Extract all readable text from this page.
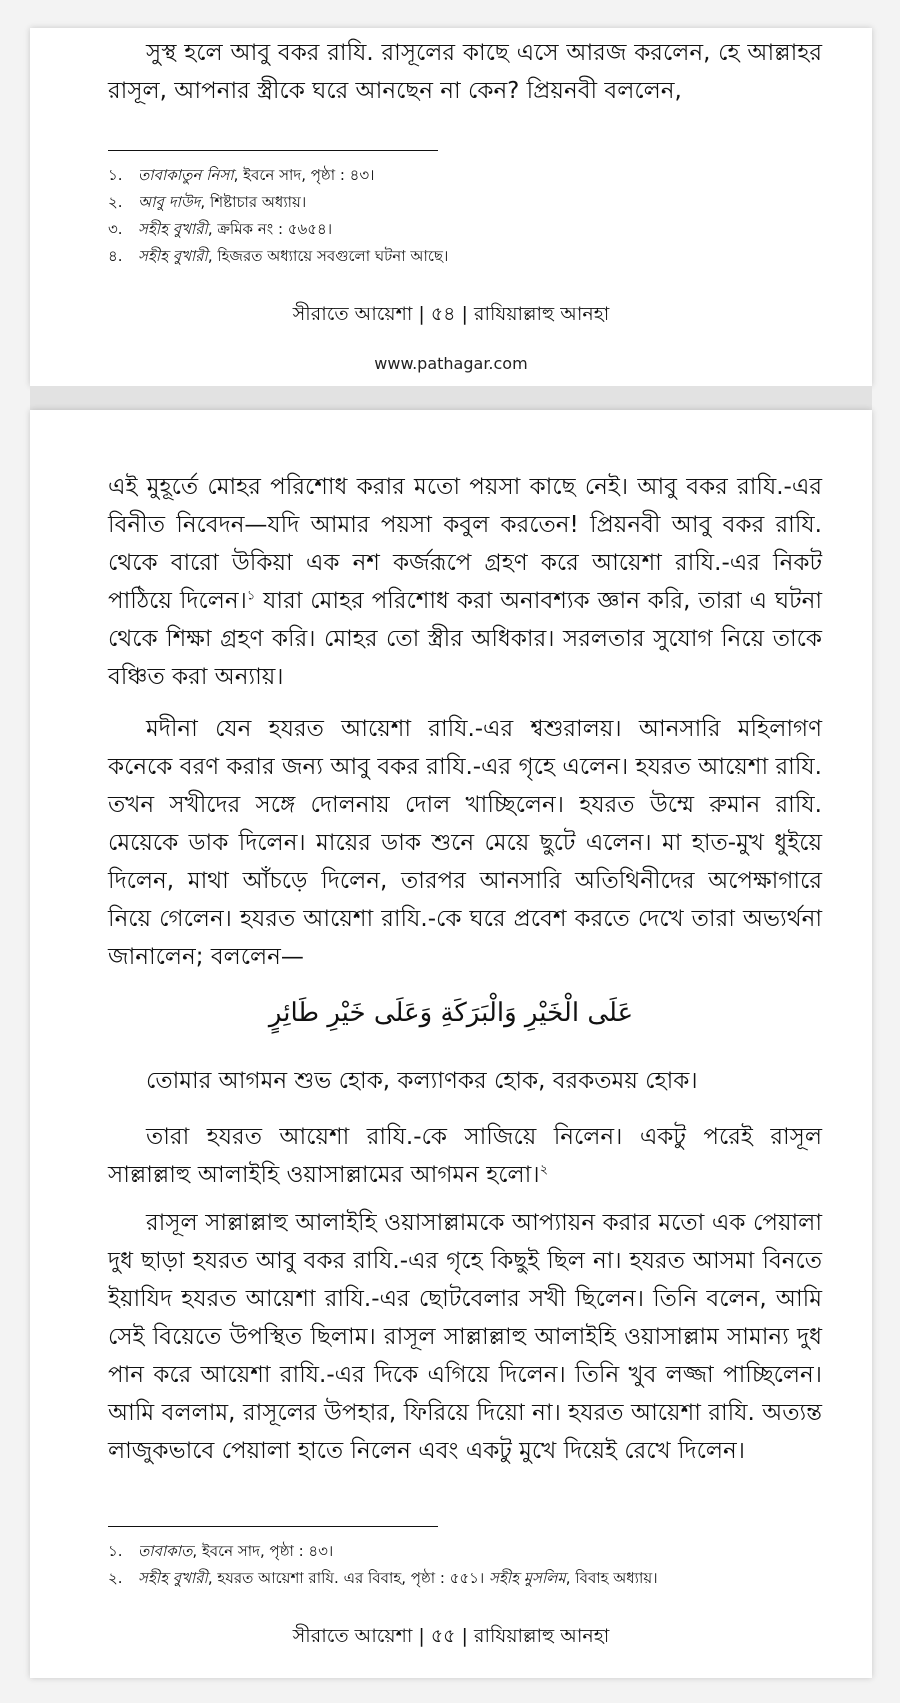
সুস্থ হলে আবু বকর রাযি. রাসূলের কাছে এসে আরজ করলেন, হে আল্লাহর রাসূল, আপনার স্ত্রীকে ঘরে আনছেন না কেন? প্রিয়নবী বললেন,

১. তাবাকাতুন নিসা, ইবনে সাদ, পৃষ্ঠা : ৪৩।

২. আবু দাউদ, শিষ্টাচার অধ্যায়।

৩. সহীহ বুখারী, ক্রমিক নং : ৫৬৫৪।

৪. সহীহ বুখারী, হিজরত অধ্যায়ে সবগুলো ঘটনা আছে।

সীরাতে আয়েশা | ৫৪ | রাযিয়াল্লাহু আনহা
www.pathagar.com

এই মুহূর্তে মোহর পরিশোধ করার মতো পয়সা কাছে নেই। আবু বকর রাযি.-এর বিনীত নিবেদন—যদি আমার পয়সা কবুল করতেন! প্রিয়নবী আবু বকর রাযি. থেকে বারো উকিয়া এক নশ কর্জরূপে গ্রহণ করে আয়েশা রাযি.-এর নিকট পাঠিয়ে দিলেন।$^১$ যারা মোহর পরিশোধ করা অনাবশ্যক জ্ঞান করি, তারা এ ঘটনা থেকে শিক্ষা গ্রহণ করি। মোহর তো স্ত্রীর অধিকার। সরলতার সুযোগ নিয়ে তাকে বঞ্চিত করা অন্যায়।

মদীনা যেন হযরত আয়েশা রাযি.-এর শ্বশুরালয়। আনসারি মহিলাগণ কনেকে বরণ করার জন্য আবু বকর রাযি.-এর গৃহে এলেন। হযরত আয়েশা রাযি. তখন সখীদের সঙ্গে দোলনায় দোল খাচ্ছিলেন। হযরত উম্মে রুমান রাযি. মেয়েকে ডাক দিলেন। মায়ের ডাক শুনে মেয়ে ছুটে এলেন। মা হাত-মুখ ধুইয়ে দিলেন, মাথা আঁচড়ে দিলেন, তারপর আনসারি অতিথিনীদের অপেক্ষাগারে নিয়ে গেলেন। হযরত আয়েশা রাযি.-কে ঘরে প্রবেশ করতে দেখে তারা অভ্যর্থনা জানালেন; বললেন—

عَلَى الْخَيْرِ وَالْبَرَكَةِ وَعَلَى خَيْرِ طَائِرٍ

তোমার আগমন শুভ হোক, কল্যাণকর হোক, বরকতময় হোক।

তারা হযরত আয়েশা রাযি.-কে সাজিয়ে নিলেন। একটু পরেই রাসূল সাল্লাল্লাহু আলাইহি ওয়াসাল্লামের আগমন হলো।$^২$

রাসূল সাল্লাল্লাহু আলাইহি ওয়াসাল্লামকে আপ্যায়ন করার মতো এক পেয়ালা দুধ ছাড়া হযরত আবু বকর রাযি.-এর গৃহে কিছুই ছিল না। হযরত আসমা বিনতে ইয়াযিদ হযরত আয়েশা রাযি.-এর ছোটবেলার সখী ছিলেন। তিনি বলেন, আমি সেই বিয়েতে উপস্থিত ছিলাম। রাসূল সাল্লাল্লাহু আলাইহি ওয়াসাল্লাম সামান্য দুধ পান করে আয়েশা রাযি.-এর দিকে এগিয়ে দিলেন। তিনি খুব লজ্জা পাচ্ছিলেন। আমি বললাম, রাসূলের উপহার, ফিরিয়ে দিয়ো না। হযরত আয়েশা রাযি. অত্যন্ত লাজুকভাবে পেয়ালা হাতে নিলেন এবং একটু মুখে দিয়েই রেখে দিলেন।

১. তাবাকাত, ইবনে সাদ, পৃষ্ঠা : ৪৩।

২. সহীহ বুখারী, হযরত আয়েশা রাযি. এর বিবাহ, পৃষ্ঠা : ৫৫১। সহীহ মুসলিম, বিবাহ অধ্যায়।

সীরাতে আয়েশা | ৫৫ | রাযিয়াল্লাহু আনহা
